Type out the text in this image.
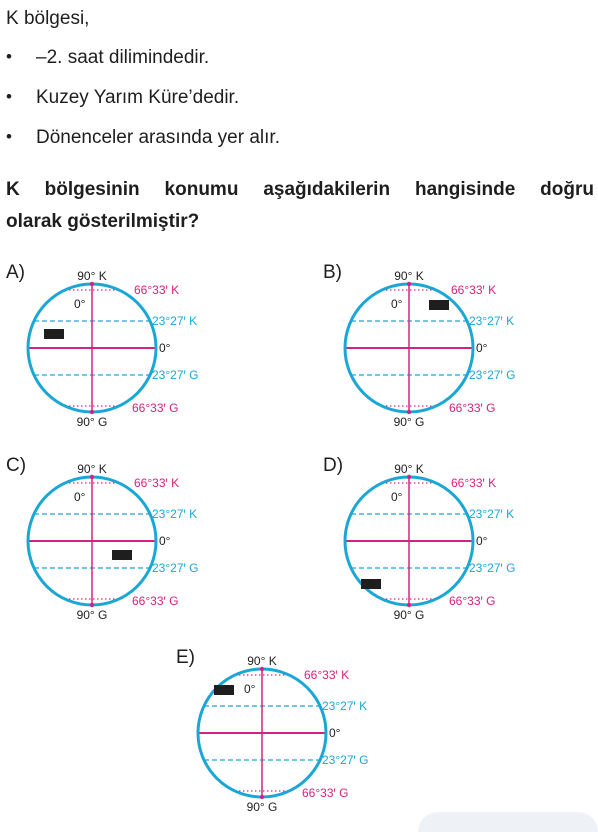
K bölgesi,
• –2. saat dilimindedir.
• Kuzey Yarım Küre’dedir.
• Dönenceler arasında yer alır.
K bölgesinin konumu aşağıdakilerin hangisinde doğru
olarak gösterilmiştir?
A)	90° K
90° G
0°
0°
66°33ꞌ K
66°33ꞌ G
23°27ꞌ K
23°27ꞌ G
B)	90° K
90° G
0°
0°
66°33ꞌ K
66°33ꞌ G
23°27ꞌ K
23°27ꞌ G
C)	90° K
90° G
0°
0°
66°33ꞌ K
66°33ꞌ G
23°27ꞌ K
23°27ꞌ G
D)	90° K
90° G
0°
0°
66°33ꞌ K
66°33ꞌ G
23°27ꞌ K
23°27ꞌ G
E)	90° K
90° G
0°
0°
66°33ꞌ K
66°33ꞌ G
23°27ꞌ K
23°27ꞌ G
